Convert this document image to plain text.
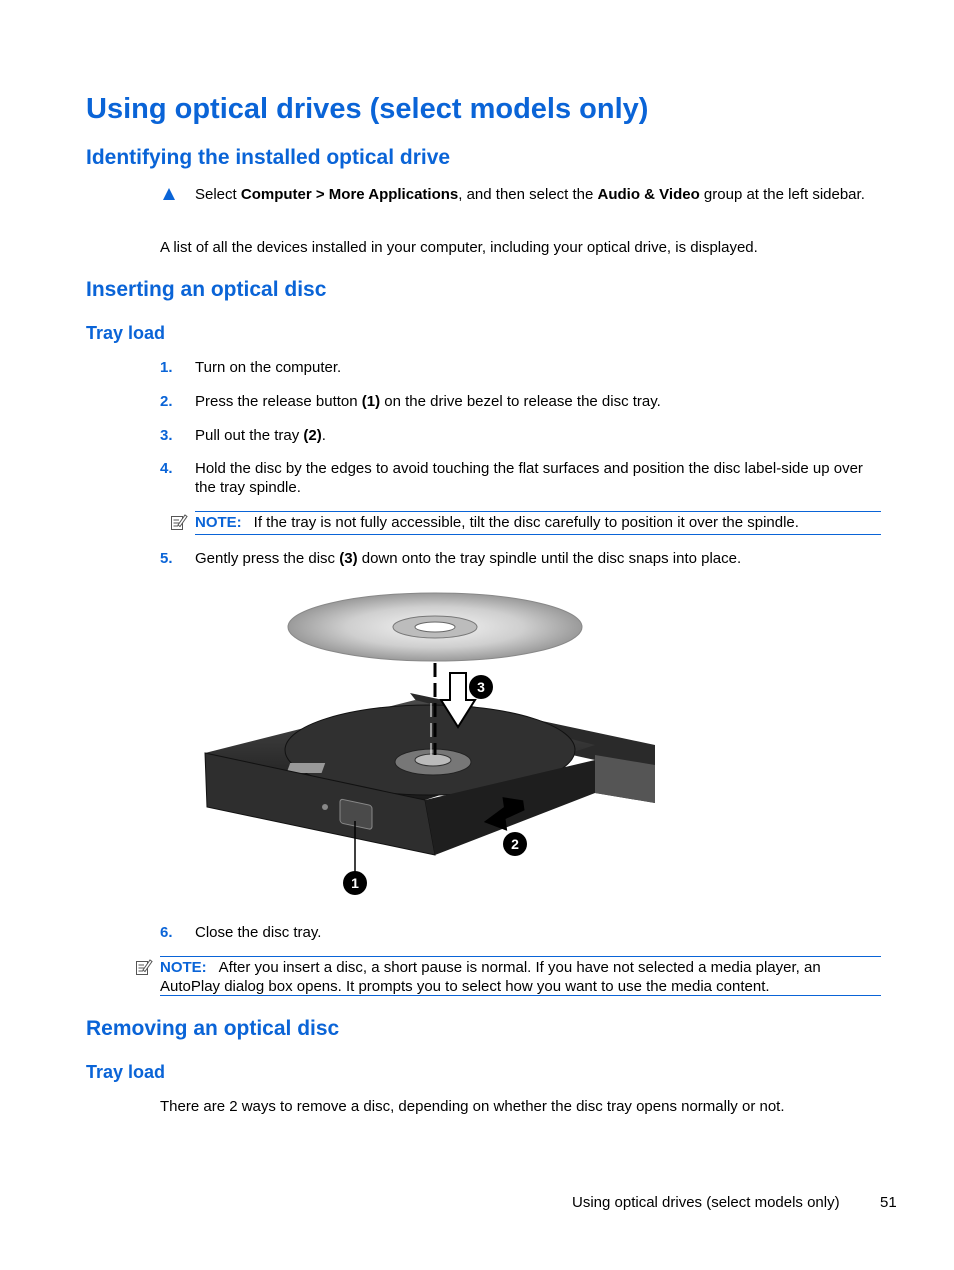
Using optical drives (select models only)
Identifying the installed optical drive
Select Computer > More Applications, and then select the Audio & Video group at the left sidebar.
A list of all the devices installed in your computer, including your optical drive, is displayed.
Inserting an optical disc
Tray load
1. Turn on the computer.
2. Press the release button (1) on the drive bezel to release the disc tray.
3. Pull out the tray (2).
4. Hold the disc by the edges to avoid touching the flat surfaces and position the disc label-side up over the tray spindle.
NOTE: If the tray is not fully accessible, tilt the disc carefully to position it over the spindle.
5. Gently press the disc (3) down onto the tray spindle until the disc snaps into place.
3
2
1
6. Close the disc tray.
NOTE: After you insert a disc, a short pause is normal. If you have not selected a media player, an AutoPlay dialog box opens. It prompts you to select how you want to use the media content.
Removing an optical disc
Tray load
There are 2 ways to remove a disc, depending on whether the disc tray opens normally or not.
Using optical drives (select models only)	51
